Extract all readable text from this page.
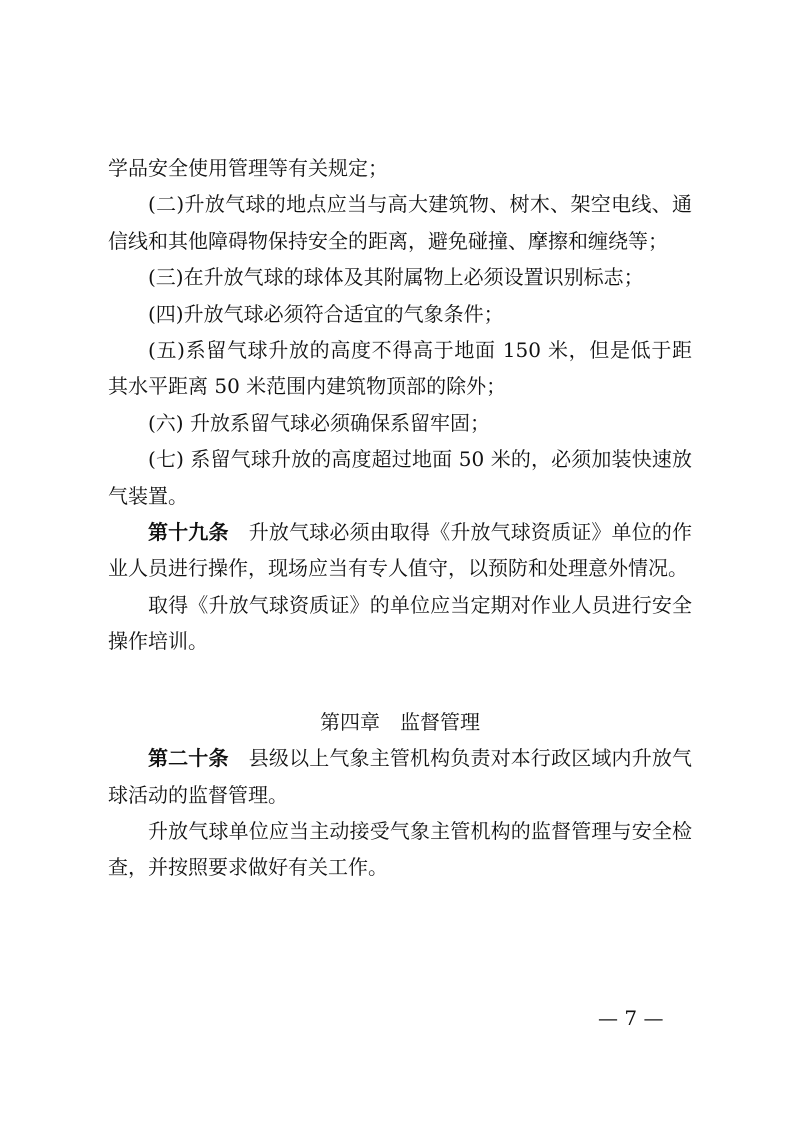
学品安全使用管理等有关规定；

(二)升放气球的地点应当与高大建筑物、树木、架空电线、通信线和其他障碍物保持安全的距离，避免碰撞、摩擦和缠绕等；

(三)在升放气球的球体及其附属物上必须设置识别标志；

(四)升放气球必须符合适宜的气象条件；

(五)系留气球升放的高度不得高于地面 150 米，但是低于距其水平距离 50 米范围内建筑物顶部的除外；

(六) 升放系留气球必须确保系留牢固；

(七) 系留气球升放的高度超过地面 50 米的，必须加装快速放气装置。

第十九条　 升放气球必须由取得《升放气球资质证》单位的作业人员进行操作，现场应当有专人值守，以预防和处理意外情况。

取得《升放气球资质证》的单位应当定期对作业人员进行安全操作培训。

第四章　监督管理

第二十条　 县级以上气象主管机构负责对本行政区域内升放气球活动的监督管理。

升放气球单位应当主动接受气象主管机构的监督管理与安全检查，并按照要求做好有关工作。

— 7 —
